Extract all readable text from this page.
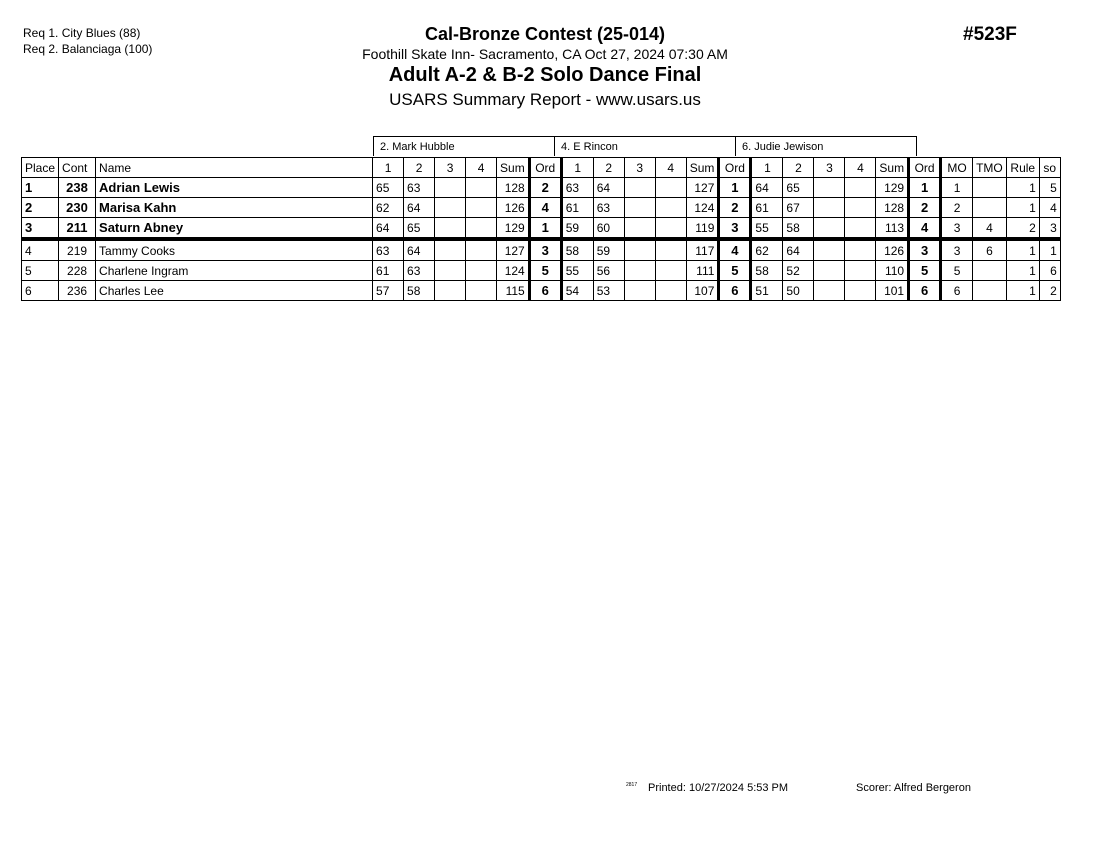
Req 1. City Blues (88)
Req 2. Balanciaga (100)
Cal-Bronze Contest (25-014)
Foothill Skate Inn- Sacramento, CA Oct 27, 2024 07:30 AM
Adult A-2 & B-2 Solo Dance Final
USARS Summary Report - www.usars.us
#523F
2. Mark Hubble	4. E Rincon	6. Judie Jewison
Place	Cont	Name	1	2	3	4	Sum	Ord	1	2	3	4	Sum	Ord	1	2	3	4	Sum	Ord	MO	TMO	Rule	so
1	238	Adrian Lewis	65	63			128	2	63	64			127	1	64	65			129	1	1		1	5
2	230	Marisa Kahn	62	64			126	4	61	63			124	2	61	67			128	2	2		1	4
3	211	Saturn Abney	64	65			129	1	59	60			119	3	55	58			113	4	3	4	2	3
4	219	Tammy Cooks	63	64			127	3	58	59			117	4	62	64			126	3	3	6	1	1
5	228	Charlene Ingram	61	63			124	5	55	56			111	5	58	52			110	5	5		1	6
6	236	Charles Lee	57	58			115	6	54	53			107	6	51	50			101	6	6		1	2
2817 Printed: 10/27/2024 5:53 PM	Scorer: Alfred Bergeron
